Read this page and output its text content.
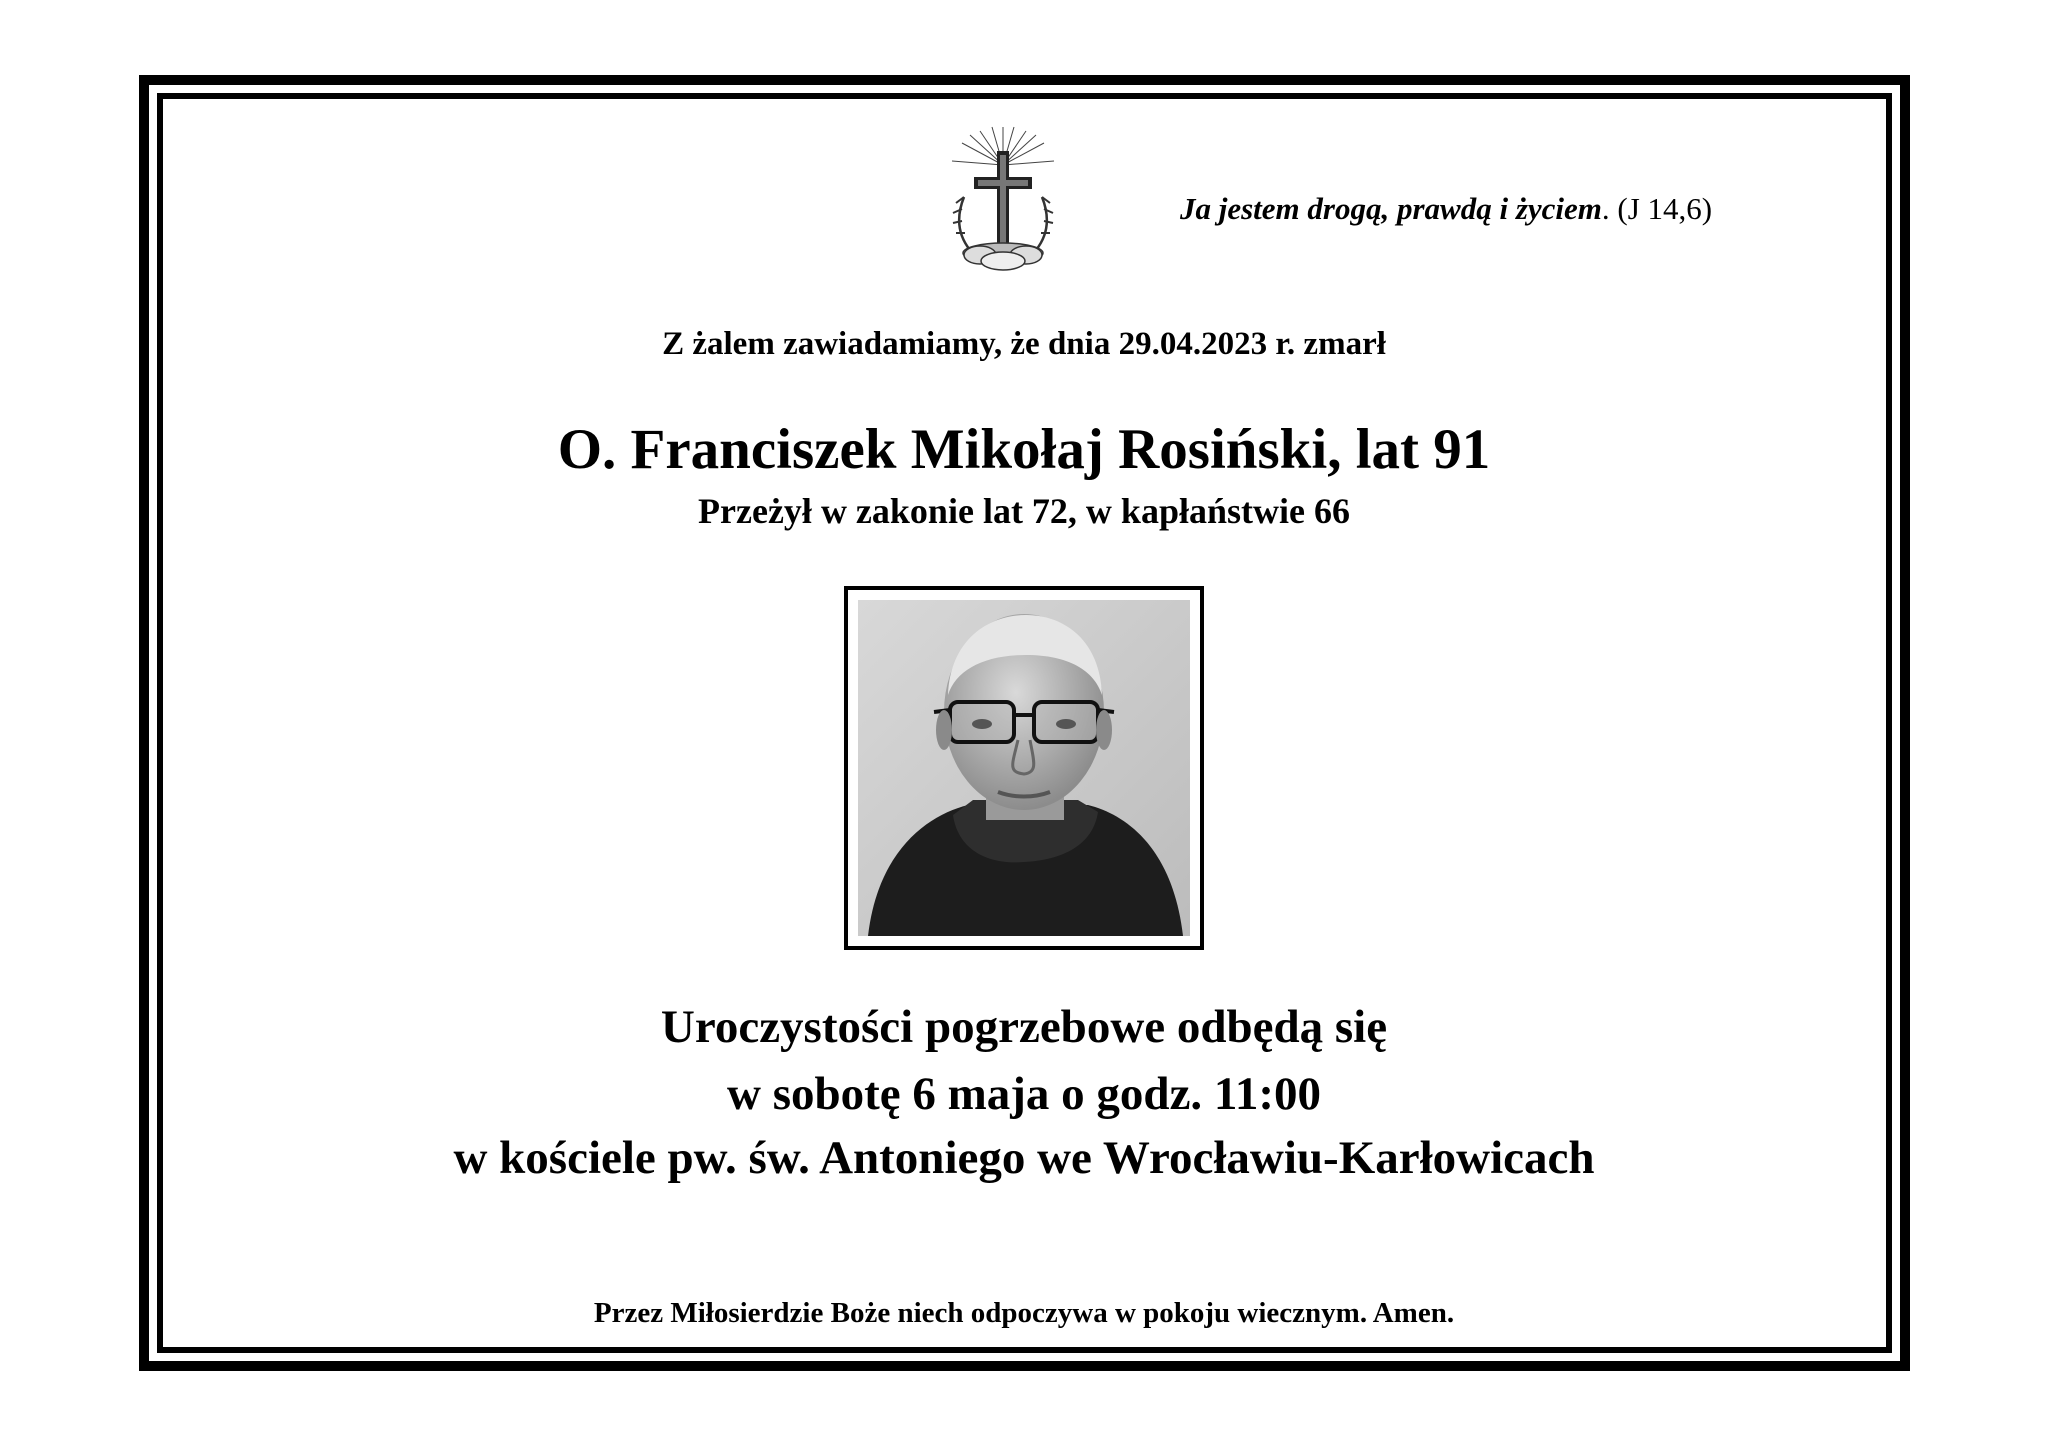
Ja jestem drogą, prawdą i życiem. (J 14,6)
Z żalem zawiadamiamy, że dnia 29.04.2023 r. zmarł
O. Franciszek Mikołaj Rosiński, lat 91
Przeżył w zakonie lat 72, w kapłaństwie 66
Uroczystości pogrzebowe odbędą się
w sobotę 6 maja o godz. 11:00
w kościele pw. św. Antoniego we Wrocławiu-Karłowicach
Przez Miłosierdzie Boże niech odpoczywa w pokoju wiecznym. Amen.
